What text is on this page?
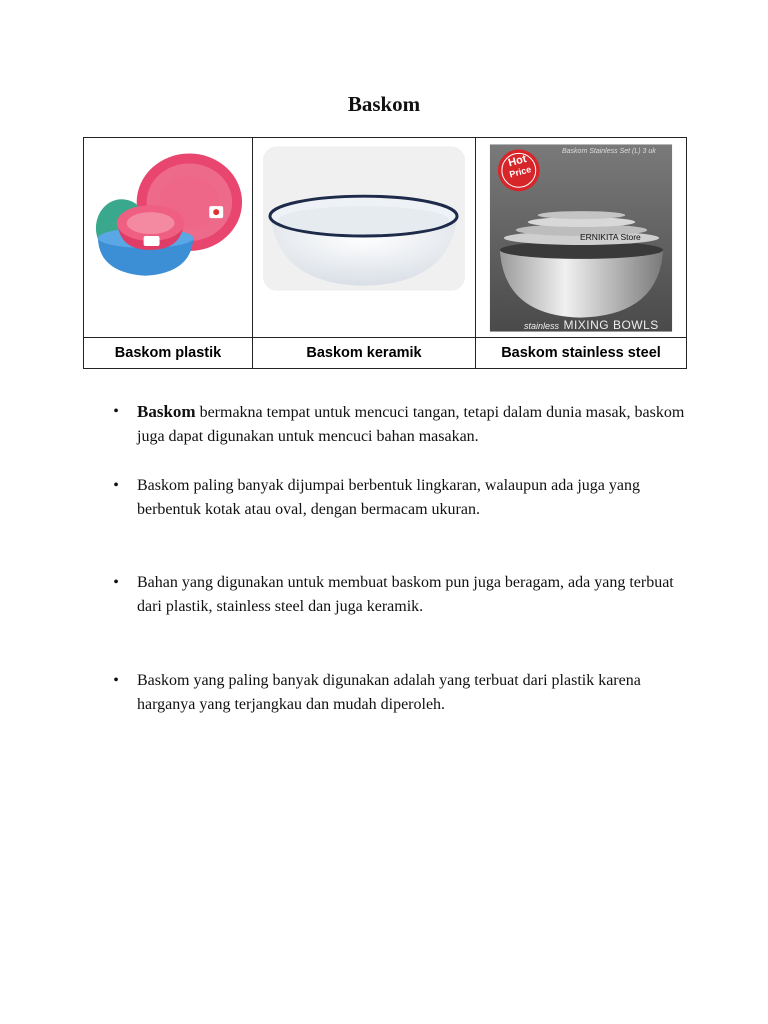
Baskom

Hot
Price
Baskom Stainless Set (L) 3 uk
ERNIKITA Store
stainless MIXING BOWLS

Baskom plastik	Baskom keramik	Baskom stainless steel
• Baskom bermakna tempat untuk mencuci tangan, tetapi dalam dunia masak, baskom juga dapat digunakan untuk mencuci bahan masakan.
• Baskom paling banyak dijumpai berbentuk lingkaran, walaupun ada juga yang berbentuk kotak atau oval, dengan bermacam ukuran.
• Bahan yang digunakan untuk membuat baskom pun juga beragam, ada yang terbuat dari plastik, stainless steel dan juga keramik.
• Baskom yang paling banyak digunakan adalah yang terbuat dari plastik karena harganya yang terjangkau dan mudah diperoleh.
